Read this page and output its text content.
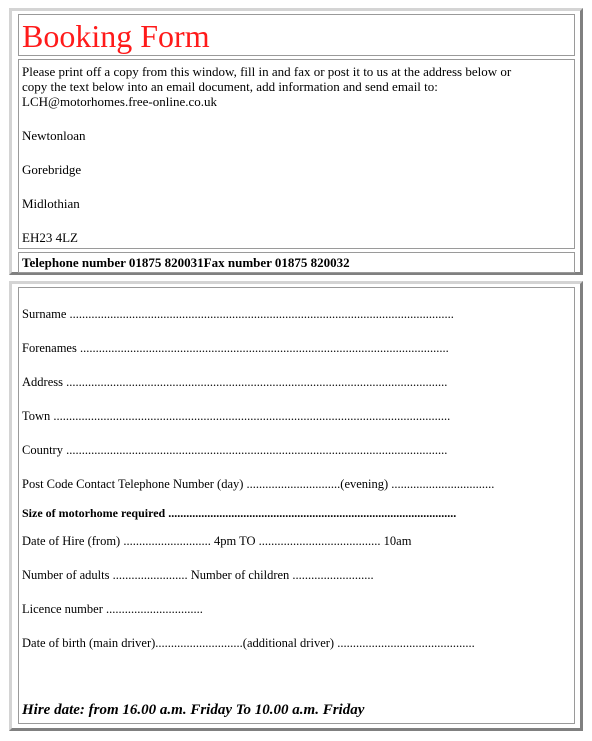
Booking Form

Please print off a copy from this window, fill in and fax or post it to us at the address below or

copy the text below into an email document, add information and send email to:

LCH@motorhomes.free-online.co.uk

Newtonloan

Gorebridge

Midlothian

EH23 4LZ

Telephone number 01875 820031Fax number 01875 820032
Surname ...........................................................................................................................
Forenames ......................................................................................................................
Address ..........................................................................................................................
Town ...............................................................................................................................
Country ..........................................................................................................................
Post Code Contact Telephone Number (day) ..............................(evening) .................................
Size of motorhome required ................................................................................................
Date of Hire (from) ............................ 4pm TO ....................................... 10am
Number of adults ........................ Number of children ..........................
Licence number ...............................
Date of birth (main driver)............................(additional driver) ............................................
Hire date: from 16.00 a.m. Friday To 10.00 a.m. Friday
